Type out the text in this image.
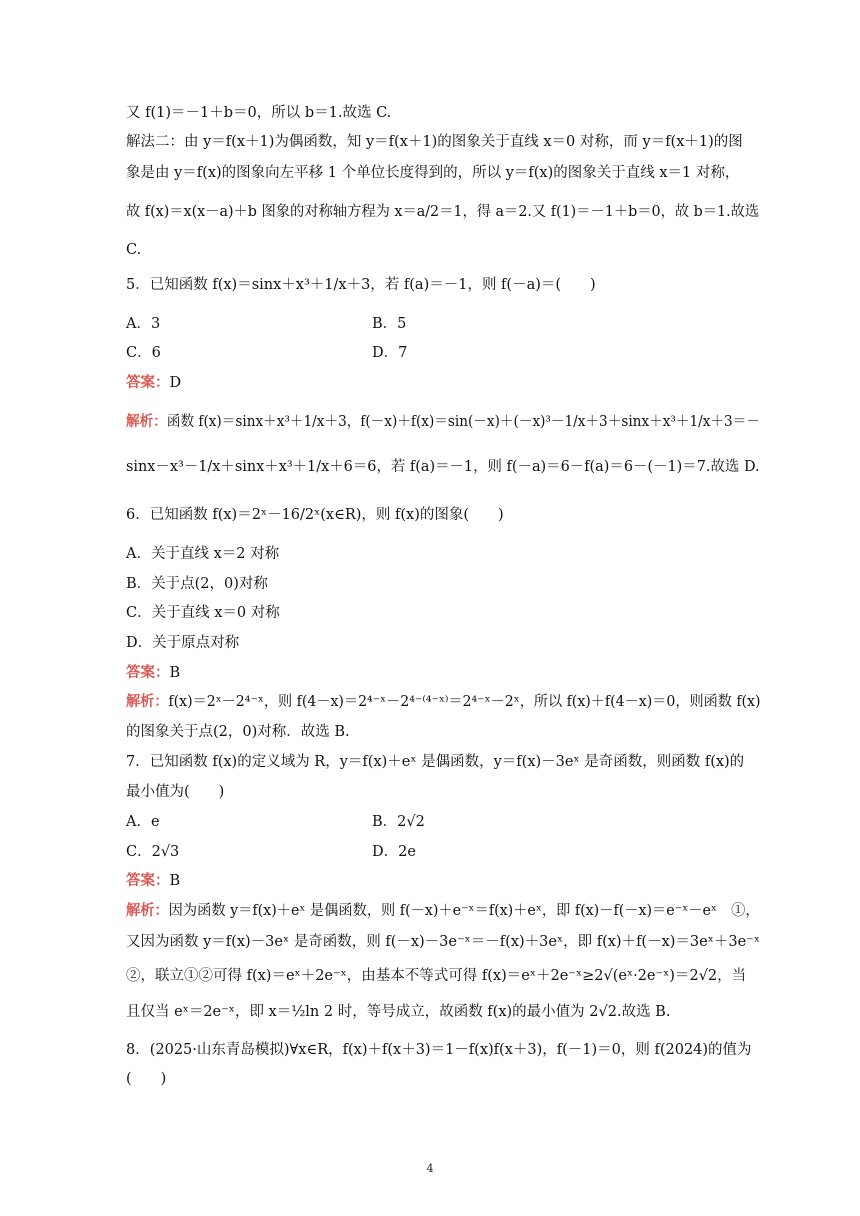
又 f(1)＝－1＋b＝0，所以 b＝1.故选 C.
解法二：由 y＝f(x＋1)为偶函数，知 y＝f(x＋1)的图象关于直线 x＝0 对称，而 y＝f(x＋1)的图
象是由 y＝f(x)的图象向左平移 1 个单位长度得到的，所以 y＝f(x)的图象关于直线 x＝1 对称，
故 f(x)＝x(x－a)＋b 图象的对称轴方程为 x＝a/2＝1，得 a＝2.又 f(1)＝－1＋b＝0，故 b＝1.故选
C.
5．已知函数 f(x)＝sinx＋x³＋1/x＋3，若 f(a)＝－1，则 f(－a)＝(　　)
A．3	B．5
C．6	D．7
答案：D
解析：函数 f(x)＝sinx＋x³＋1/x＋3，f(－x)＋f(x)＝sin(－x)＋(－x)³－1/x＋3＋sinx＋x³＋1/x＋3＝－
sinx－x³－1/x＋sinx＋x³＋1/x＋6＝6，若 f(a)＝－1，则 f(－a)＝6－f(a)＝6－(－1)＝7.故选 D.
6．已知函数 f(x)＝2ˣ－16/2ˣ(x∈R)，则 f(x)的图象(　　)
A．关于直线 x＝2 对称
B．关于点(2，0)对称
C．关于直线 x＝0 对称
D．关于原点对称
答案：B
解析：f(x)＝2ˣ－2⁴⁻ˣ，则 f(4－x)＝2⁴⁻ˣ－2⁴⁻⁽⁴⁻ˣ⁾＝2⁴⁻ˣ－2ˣ，所以 f(x)＋f(4－x)＝0，则函数 f(x)
的图象关于点(2，0)对称．故选 B.
7．已知函数 f(x)的定义域为 R，y＝f(x)＋eˣ 是偶函数，y＝f(x)－3eˣ 是奇函数，则函数 f(x)的
最小值为(　　)
A．e	B．2√2
C．2√3	D．2e
答案：B
解析：因为函数 y＝f(x)＋eˣ 是偶函数，则 f(－x)＋e⁻ˣ＝f(x)＋eˣ，即 f(x)－f(－x)＝e⁻ˣ－eˣ　①，
又因为函数 y＝f(x)－3eˣ 是奇函数，则 f(－x)－3e⁻ˣ＝－f(x)＋3eˣ，即 f(x)＋f(－x)＝3eˣ＋3e⁻ˣ
②，联立①②可得 f(x)＝eˣ＋2e⁻ˣ，由基本不等式可得 f(x)＝eˣ＋2e⁻ˣ≥2√(eˣ·2e⁻ˣ)＝2√2，当
且仅当 eˣ＝2e⁻ˣ，即 x＝½ln 2 时，等号成立，故函数 f(x)的最小值为 2√2.故选 B.
8．(2025·山东青岛模拟)∀x∈R，f(x)＋f(x＋3)＝1－f(x)f(x＋3)，f(－1)＝0，则 f(2024)的值为
(　　)
4
